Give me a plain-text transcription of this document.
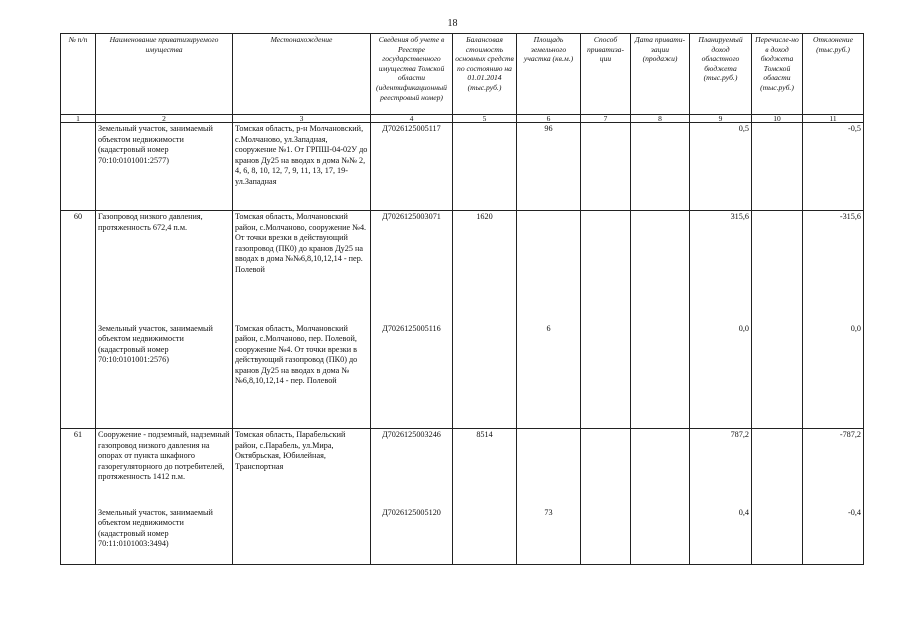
18
№ п/п	Наименование приватизируемого имущества	Местонахождение	Сведения об учете в Реестре государственного имущества Томской области (идентификационный реестровый номер)	Балансовая стоимость основных средств по состоянию на 01.01.2014 (тыс.руб.)	Площадь земельного участка (кв.м.)	Способ приватиза-ции	Дата привати-зации (продажи)	Планируемый доход областного бюджета (тыс.руб.)	Перечисле-но в доход бюджета Томской области (тыс.руб.)	Отклонение (тыс.руб.)
1	2	3	4	5	6	7	8	9	10	11
	Земельный участок, занимаемый объектом недвижимости (кадастровый номер 70:10:0101001:2577)	Томская область, р-н Молчановский, с.Молчаново, ул.Западная, сооружение №1. От ГРПШ-04-02У до кранов Ду25 на вводах в дома №№ 2, 4, 6, 8, 10, 12, 7, 9, 11, 13, 17, 19-ул.Западная	Д7026125005117		96			0,5		-0,5
60	Газопровод низкого давления, протяженность 672,4 п.м.	Томская область, Молчановский район, с.Молчаново, сооружение №4. От точки врезки в действующий газопровод (ПК0) до кранов Ду25 на вводах в дома №№6,8,10,12,14 - пер. Полевой	Д7026125003071	1620				315,6		-315,6
	Земельный участок, занимаемый объектом недвижимости (кадастровый номер 70:10:0101001:2576)	Томская область, Молчановский район, с.Молчаново, пер. Полевой, сооружение №4. От точки врезки в действующий газопровод (ПК0) до кранов Ду25 на вводах в дома №№6,8,10,12,14 - пер. Полевой	Д7026125005116		6			0,0		0,0
61	Сооружение - подземный, надземный газопровод низкого давления на опорах от пункта шкафного газорегуляторного до потребителей, протяженность 1412 п.м.	Томская область, Парабельский район, с.Парабель, ул.Мира, Октябрьская, Юбилейная, Транспортная	Д7026125003246	8514				787,2		-787,2
	Земельный участок, занимаемый объектом недвижимости (кадастровый номер 70:11:0101003:3494)		Д7026125005120		73			0,4		-0,4
